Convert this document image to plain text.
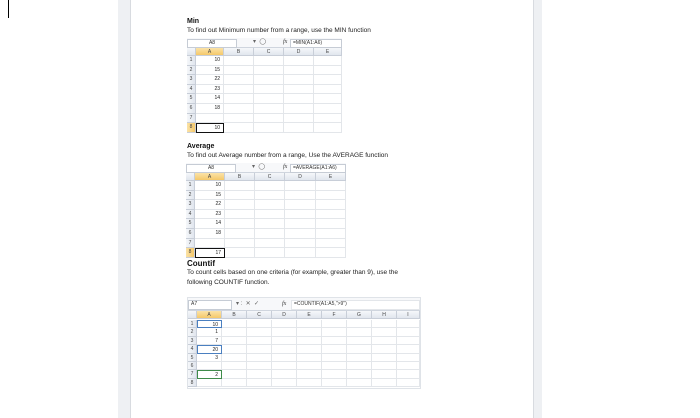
Min
To find out Minimum number from a range, use the MIN function
A8	▾  ◯	fx	=MIN(A1:A6)
A	B	C	D	E
1	10
2	15
3	22
4	23
5	14
6	18
7
8	10
Average
To find out Average number from a range, Use the AVERAGE function
A8	▾  ◯	fx	=AVERAGE(A1:A6)
A	B	C	D	E
1	10
2	15
3	22
4	23
5	14
6	18
7
8	17
Countif
To count cells based on one criteria (for example, greater than 9), use the
following COUNTIF function.
A7	▾ :  ✕  ✓	fx	=COUNTIF(A1:A5,">9")
A	B	C	D	E	F	G	H	I
1	10
2	1
3	7
4	20
5	3
6
7	2
8
